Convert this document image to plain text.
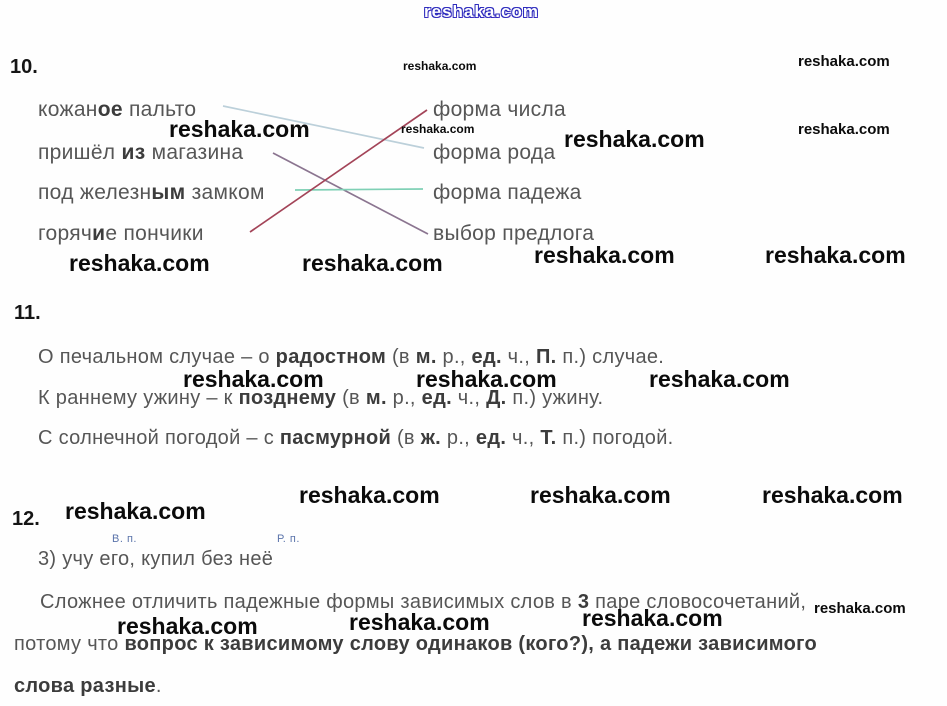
10.
кожаное пальто
пришёл из магазина
под железным замком
горячие пончики
форма числа
форма рода
форма падежа
выбор предлога
11.
О печальном случае – о радостном (в м. р., ед. ч., П. п.) случае.
К раннему ужину – к позднему (в м. р., ед. ч., Д. п.) ужину.
С солнечной погодой – с пасмурной (в ж. р., ед. ч., Т. п.) погодой.
12.
В. п.	Р. п.
3) учу его, купил без неё
Сложнее отличить падежные формы зависимых слов в 3 паре словосочетаний,
потому что вопрос к зависимому слову одинаков (кого?), а падежи зависимого
слова разные.
reshaka.com
reshaka.com	reshaka.com
reshaka.com	reshaka.com	reshaka.com	reshaka.com
reshaka.com	reshaka.com	reshaka.com	reshaka.com
reshaka.com	reshaka.com	reshaka.com
reshaka.com	reshaka.com	reshaka.com
reshaka.com
reshaka.com	reshaka.com	reshaka.com	reshaka.com
